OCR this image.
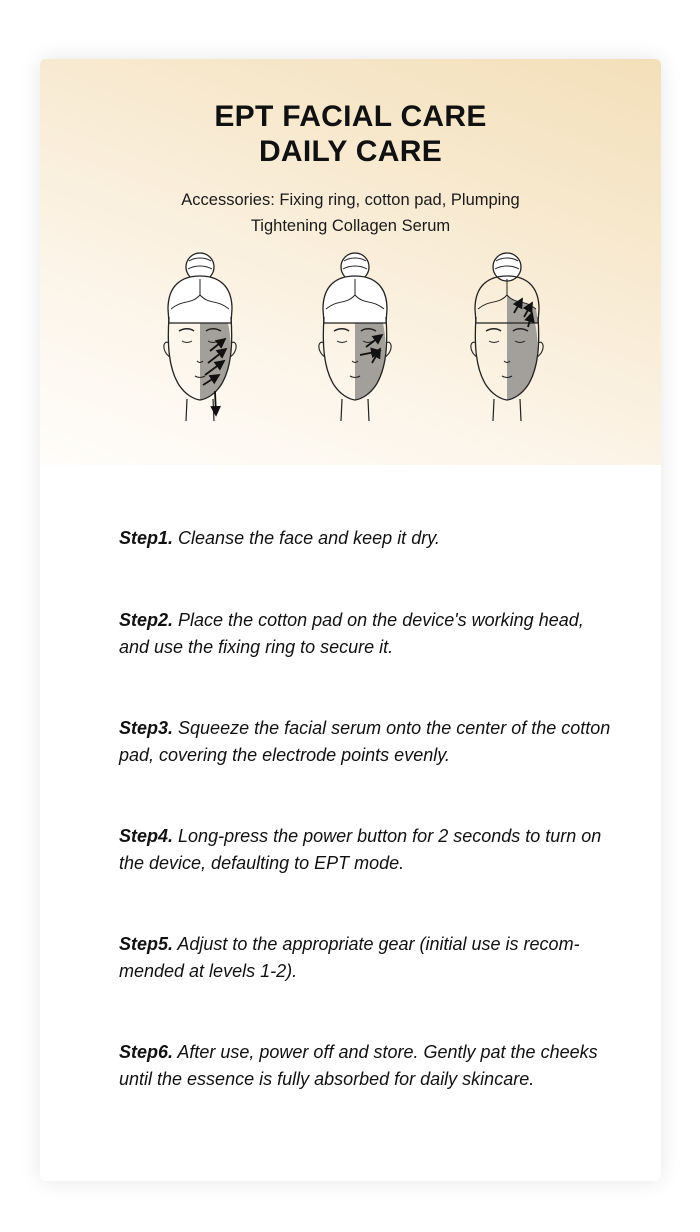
EPT FACIAL CARE
DAILY CARE
Accessories: Fixing ring, cotton pad, Plumping
Tightening Collagen Serum
Step1. Cleanse the face and keep it dry.
Step2. Place the cotton pad on the device's working head,
and use the fixing ring to secure it.
Step3. Squeeze the facial serum onto the center of the cotton
pad, covering the electrode points evenly.
Step4. Long-press the power button for 2 seconds to turn on
the device, defaulting to EPT mode.
Step5. Adjust to the appropriate gear (initial use is recom-
mended at levels 1-2).
Step6. After use, power off and store. Gently pat the cheeks
until the essence is fully absorbed for daily skincare.
